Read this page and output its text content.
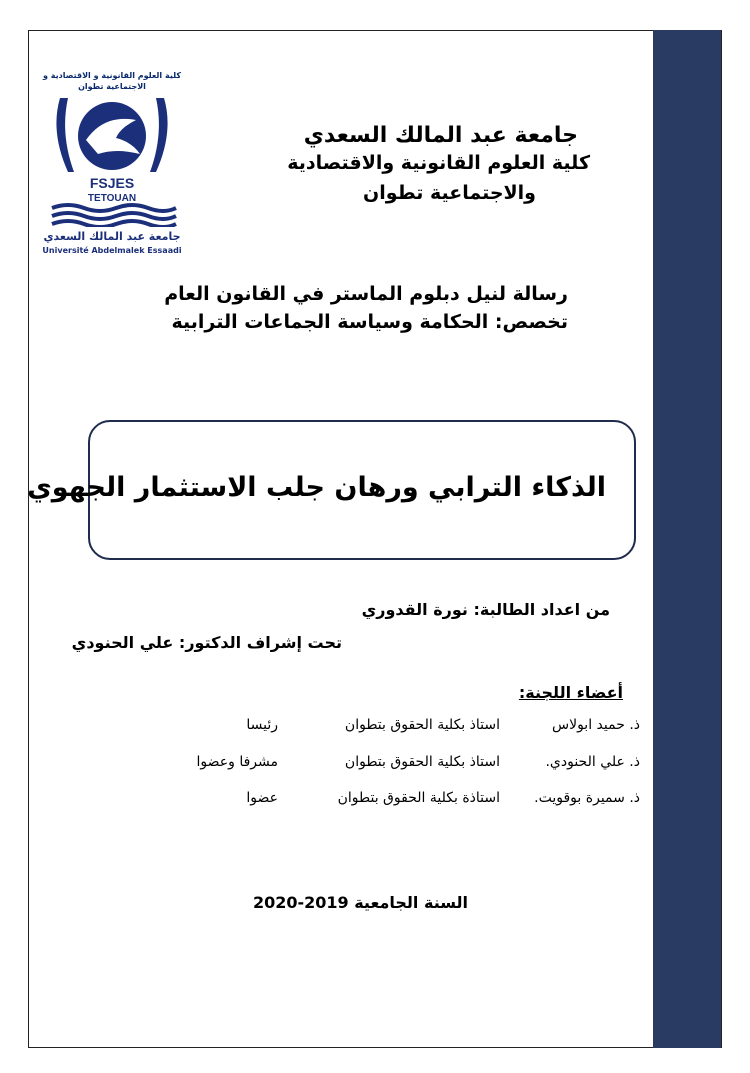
كلية العلوم القانونية و الاقتصادية و الاجتماعية تطوان
FSJES
TETOUAN
جامعة عبد المالك السعدي
Université Abdelmalek Essaadi
جامعة عبد المالك السعدي
كلية العلوم القانونية والاقتصادية
والاجتماعية تطوان
رسالة لنيل دبلوم الماستر في القانون العام
تخصص: الحكامة وسياسة الجماعات الترابية
الذكاء الترابي ورهان جلب الاستثمار الجهوي
من اعداد الطالبة: نورة القدوري
تحت إشراف الدكتور: علي الحنودي
أعضاء اللجنة:
ذ. حميد ابولاس
استاذ بكلية الحقوق بتطوان
رئيسا
ذ. علي الحنودي.
استاذ بكلية الحقوق بتطوان
مشرفا وعضوا
ذ. سميرة بوقويت.
استاذة بكلية الحقوق بتطوان
عضوا
السنة الجامعية 2019-2020
